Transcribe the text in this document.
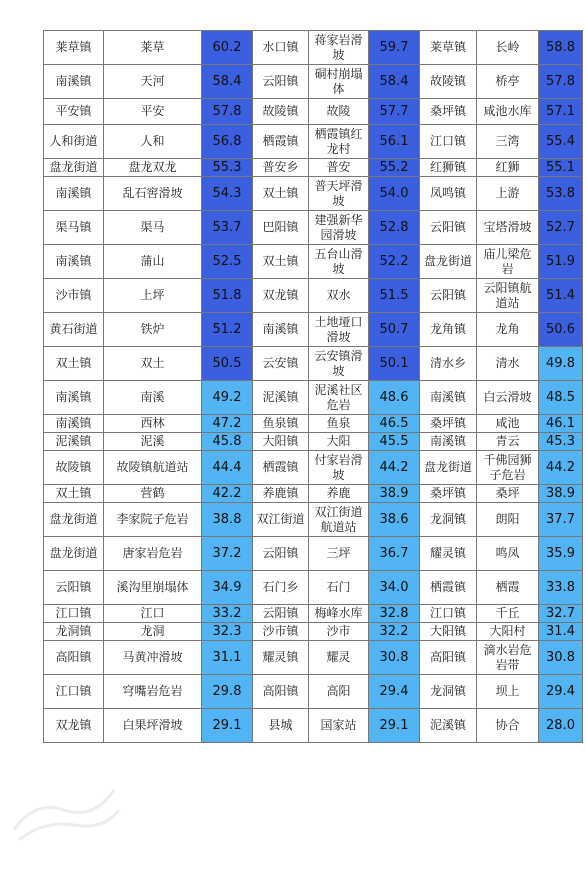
莱草镇	莱草	60.2	水口镇	蒋家岩滑坡	59.7	莱草镇	长岭	58.8
南溪镇	天河	58.4	云阳镇	硐村崩塌体	58.4	故陵镇	桥亭	57.8
平安镇	平安	57.8	故陵镇	故陵	57.7	桑坪镇	咸池水库	57.1
人和街道	人和	56.8	栖霞镇	栖霞镇红龙村	56.1	江口镇	三湾	55.4
盘龙街道	盘龙双龙	55.3	普安乡	普安	55.2	红狮镇	红狮	55.1
南溪镇	乱石窖滑坡	54.3	双土镇	普天坪滑坡	54.0	凤鸣镇	上游	53.8
渠马镇	渠马	53.7	巴阳镇	建强新华园滑坡	52.8	云阳镇	宝塔滑坡	52.7
南溪镇	蒲山	52.5	双土镇	五台山滑坡	52.2	盘龙街道	庙儿梁危岩	51.9
沙市镇	上坪	51.8	双龙镇	双水	51.5	云阳镇	云阳镇航道站	51.4
黄石街道	铁炉	51.2	南溪镇	土地垭口滑坡	50.7	龙角镇	龙角	50.6
双土镇	双土	50.5	云安镇	云安镇滑坡	50.1	清水乡	清水	49.8
南溪镇	南溪	49.2	泥溪镇	泥溪社区危岩	48.6	南溪镇	白云滑坡	48.5
南溪镇	西林	47.2	鱼泉镇	鱼泉	46.5	桑坪镇	咸池	46.1
泥溪镇	泥溪	45.8	大阳镇	大阳	45.5	南溪镇	青云	45.3
故陵镇	故陵镇航道站	44.4	栖霞镇	付家岩滑坡	44.2	盘龙街道	千佛园狮子危岩	44.2
双土镇	营鹤	42.2	养鹿镇	养鹿	38.9	桑坪镇	桑坪	38.9
盘龙街道	李家院子危岩	38.8	双江街道	双江街道航道站	38.6	龙洞镇	朗阳	37.7
盘龙街道	唐家岩危岩	37.2	云阳镇	三坪	36.7	耀灵镇	鸣凤	35.9
云阳镇	溪沟里崩塌体	34.9	石门乡	石门	34.0	栖霞镇	栖霞	33.8
江口镇	江口	33.2	云阳镇	梅峰水库	32.8	江口镇	千丘	32.7
龙洞镇	龙洞	32.3	沙市镇	沙市	32.2	大阳镇	大阳村	31.4
高阳镇	马黄冲滑坡	31.1	耀灵镇	耀灵	30.8	高阳镇	滴水岩危岩带	30.8
江口镇	穹嘴岩危岩	29.8	高阳镇	高阳	29.4	龙洞镇	坝上	29.4
双龙镇	白果坪滑坡	29.1	县城	国家站	29.1	泥溪镇	协合	28.0
